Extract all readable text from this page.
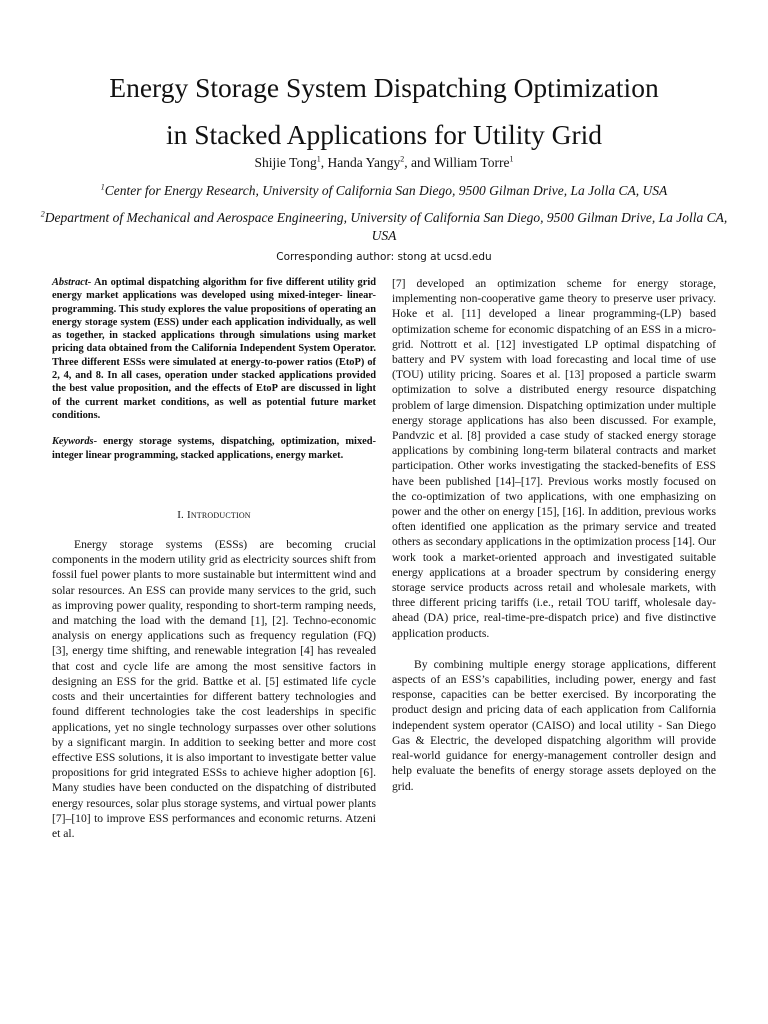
Energy Storage System Dispatching Optimization
in Stacked Applications for Utility Grid
Shijie Tong$^1$, Handa Yangy$^2$, and William Torre$^1$
$^1$Center for Energy Research, University of California San Diego, 9500 Gilman Drive, La Jolla CA, USA
$^2$Department of Mechanical and Aerospace Engineering, University of California San Diego, 9500 Gilman Drive, La Jolla CA, USA
Corresponding author: stong at ucsd.edu

Abstract- An optimal dispatching algorithm for five different utility grid energy market applications was developed using mixed-integer- linear-programming. This study explores the value propositions of operating an energy storage system (ESS) under each application individually, as well as together, in stacked applications through simulations using market pricing data obtained from the California Independent System Operator. Three different ESSs were simulated at energy-to-power ratios (EtoP) of 2, 4, and 8. In all cases, operation under stacked applications provided the best value proposition, and the effects of EtoP are discussed in light of the current market conditions, as well as potential future market conditions.

Keywords- energy storage systems, dispatching, optimization, mixed-integer linear programming, stacked applications, energy market.

I. Introduction

Energy storage systems (ESSs) are becoming crucial components in the modern utility grid as electricity sources shift from fossil fuel power plants to more sustainable but intermittent wind and solar resources. An ESS can provide many services to the grid, such as improving power quality, responding to short-term ramping needs, and matching the load with the demand [1], [2]. Techno-economic analysis on energy applications such as frequency regulation (FQ) [3], energy time shifting, and renewable integration [4] has revealed that cost and cycle life are among the most sensitive factors in designing an ESS for the grid. Battke et al. [5] estimated life cycle costs and their uncertainties for different battery technologies and found different technologies take the cost leaderships in specific applications, yet no single technology surpasses over other solutions by a significant margin. In addition to seeking better and more cost effective ESS solutions, it is also important to investigate better value propositions for grid integrated ESSs to achieve higher adoption [6]. Many studies have been conducted on the dispatching of distributed energy resources, solar plus storage systems, and virtual power plants [7]–[10] to improve ESS performances and economic returns. Atzeni et al.

[7] developed an optimization scheme for energy storage, implementing non-cooperative game theory to preserve user privacy. Hoke et al. [11] developed a linear programming-(LP) based optimization scheme for economic dispatching of an ESS in a micro-grid. Nottrott et al. [12] investigated LP optimal dispatching of battery and PV system with load forecasting and local time of use (TOU) utility pricing. Soares et al. [13] proposed a particle swarm optimization to solve a distributed energy resource dispatching problem of large dimension. Dispatching optimization under multiple energy storage applications has also been discussed. For example, Pandvzic et al. [8] provided a case study of stacked energy storage applications by combining long-term bilateral contracts and market participation. Other works investigating the stacked-benefits of ESS have been published [14]–[17]. Previous works mostly focused on the co-optimization of two applications, with one emphasizing on power and the other on energy [15], [16]. In addition, previous works often identified one application as the primary service and treated others as secondary applications in the optimization process [14]. Our work took a market-oriented approach and investigated suitable energy applications at a broader spectrum by considering energy storage service products across retail and wholesale markets, with three different pricing tariffs (i.e., retail TOU tariff, wholesale day-ahead (DA) price, real-time-pre-dispatch price) and five distinctive application products.

By combining multiple energy storage applications, different aspects of an ESS’s capabilities, including power, energy and fast response, capacities can be better exercised. By incorporating the product design and pricing data of each application from California independent system operator (CAISO) and local utility - San Diego Gas & Electric, the developed dispatching algorithm will provide real-world guidance for energy-management controller design and help evaluate the benefits of energy storage assets deployed on the grid.
